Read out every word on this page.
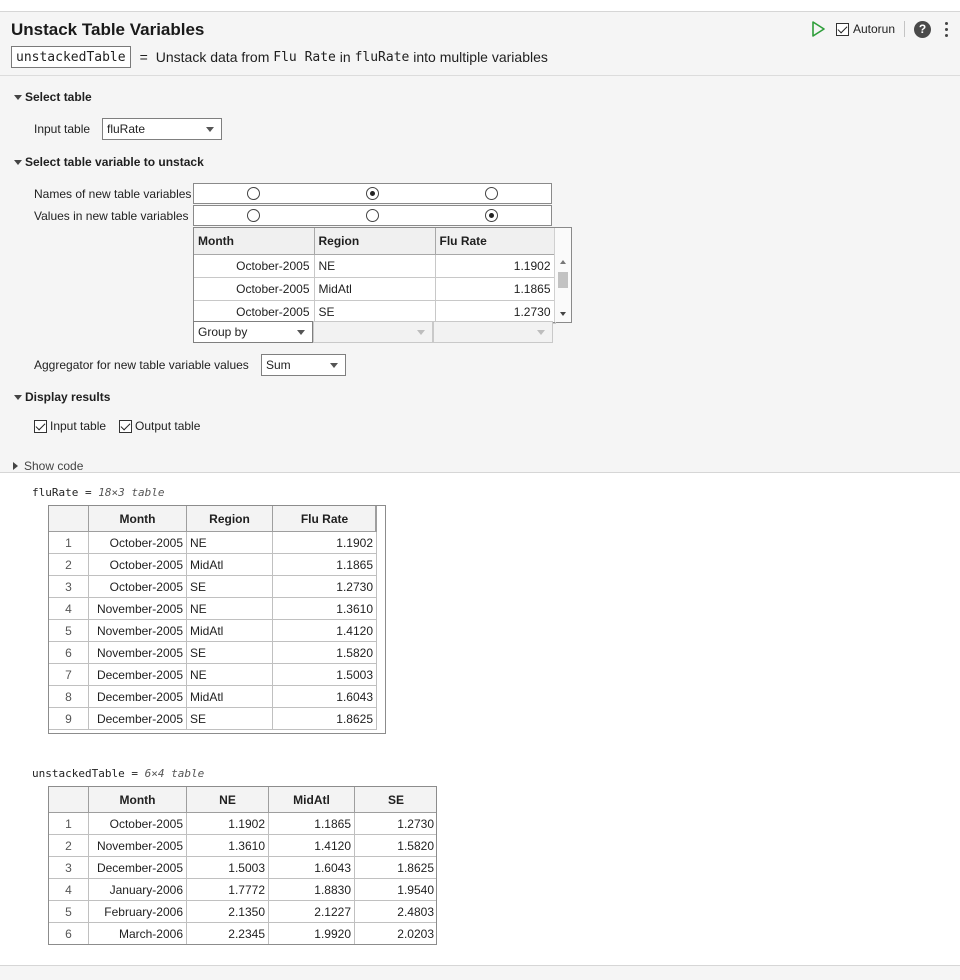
Unstack Table Variables	Autorun	?
unstackedTable	= Unstack data from
Flu Rate
in
fluRate
into multiple variables
Select table
Input table fluRate
Select table variable to unstack
Names of new table variables
Values in new table variables
Month	Region	Flu Rate
October-2005	NE	1.1902
October-2005	MidAtl	1.1865
October-2005	SE	1.2730
Group by
Aggregator for new table variable values Sum
Display results
Input table Output table
Show code
fluRate = 18×3 table
	Month	Region	Flu Rate
1	October-2005	NE	1.1902
2	October-2005	MidAtl	1.1865
3	October-2005	SE	1.2730
4	November-2005	NE	1.3610
5	November-2005	MidAtl	1.4120
6	November-2005	SE	1.5820
7	December-2005	NE	1.5003
8	December-2005	MidAtl	1.6043
9	December-2005	SE	1.8625
unstackedTable = 6×4 table
	Month	NE	MidAtl	SE
1	October-2005	1.1902	1.1865	1.2730
2	November-2005	1.3610	1.4120	1.5820
3	December-2005	1.5003	1.6043	1.8625
4	January-2006	1.7772	1.8830	1.9540
5	February-2006	2.1350	2.1227	2.4803
6	March-2006	2.2345	1.9920	2.0203
